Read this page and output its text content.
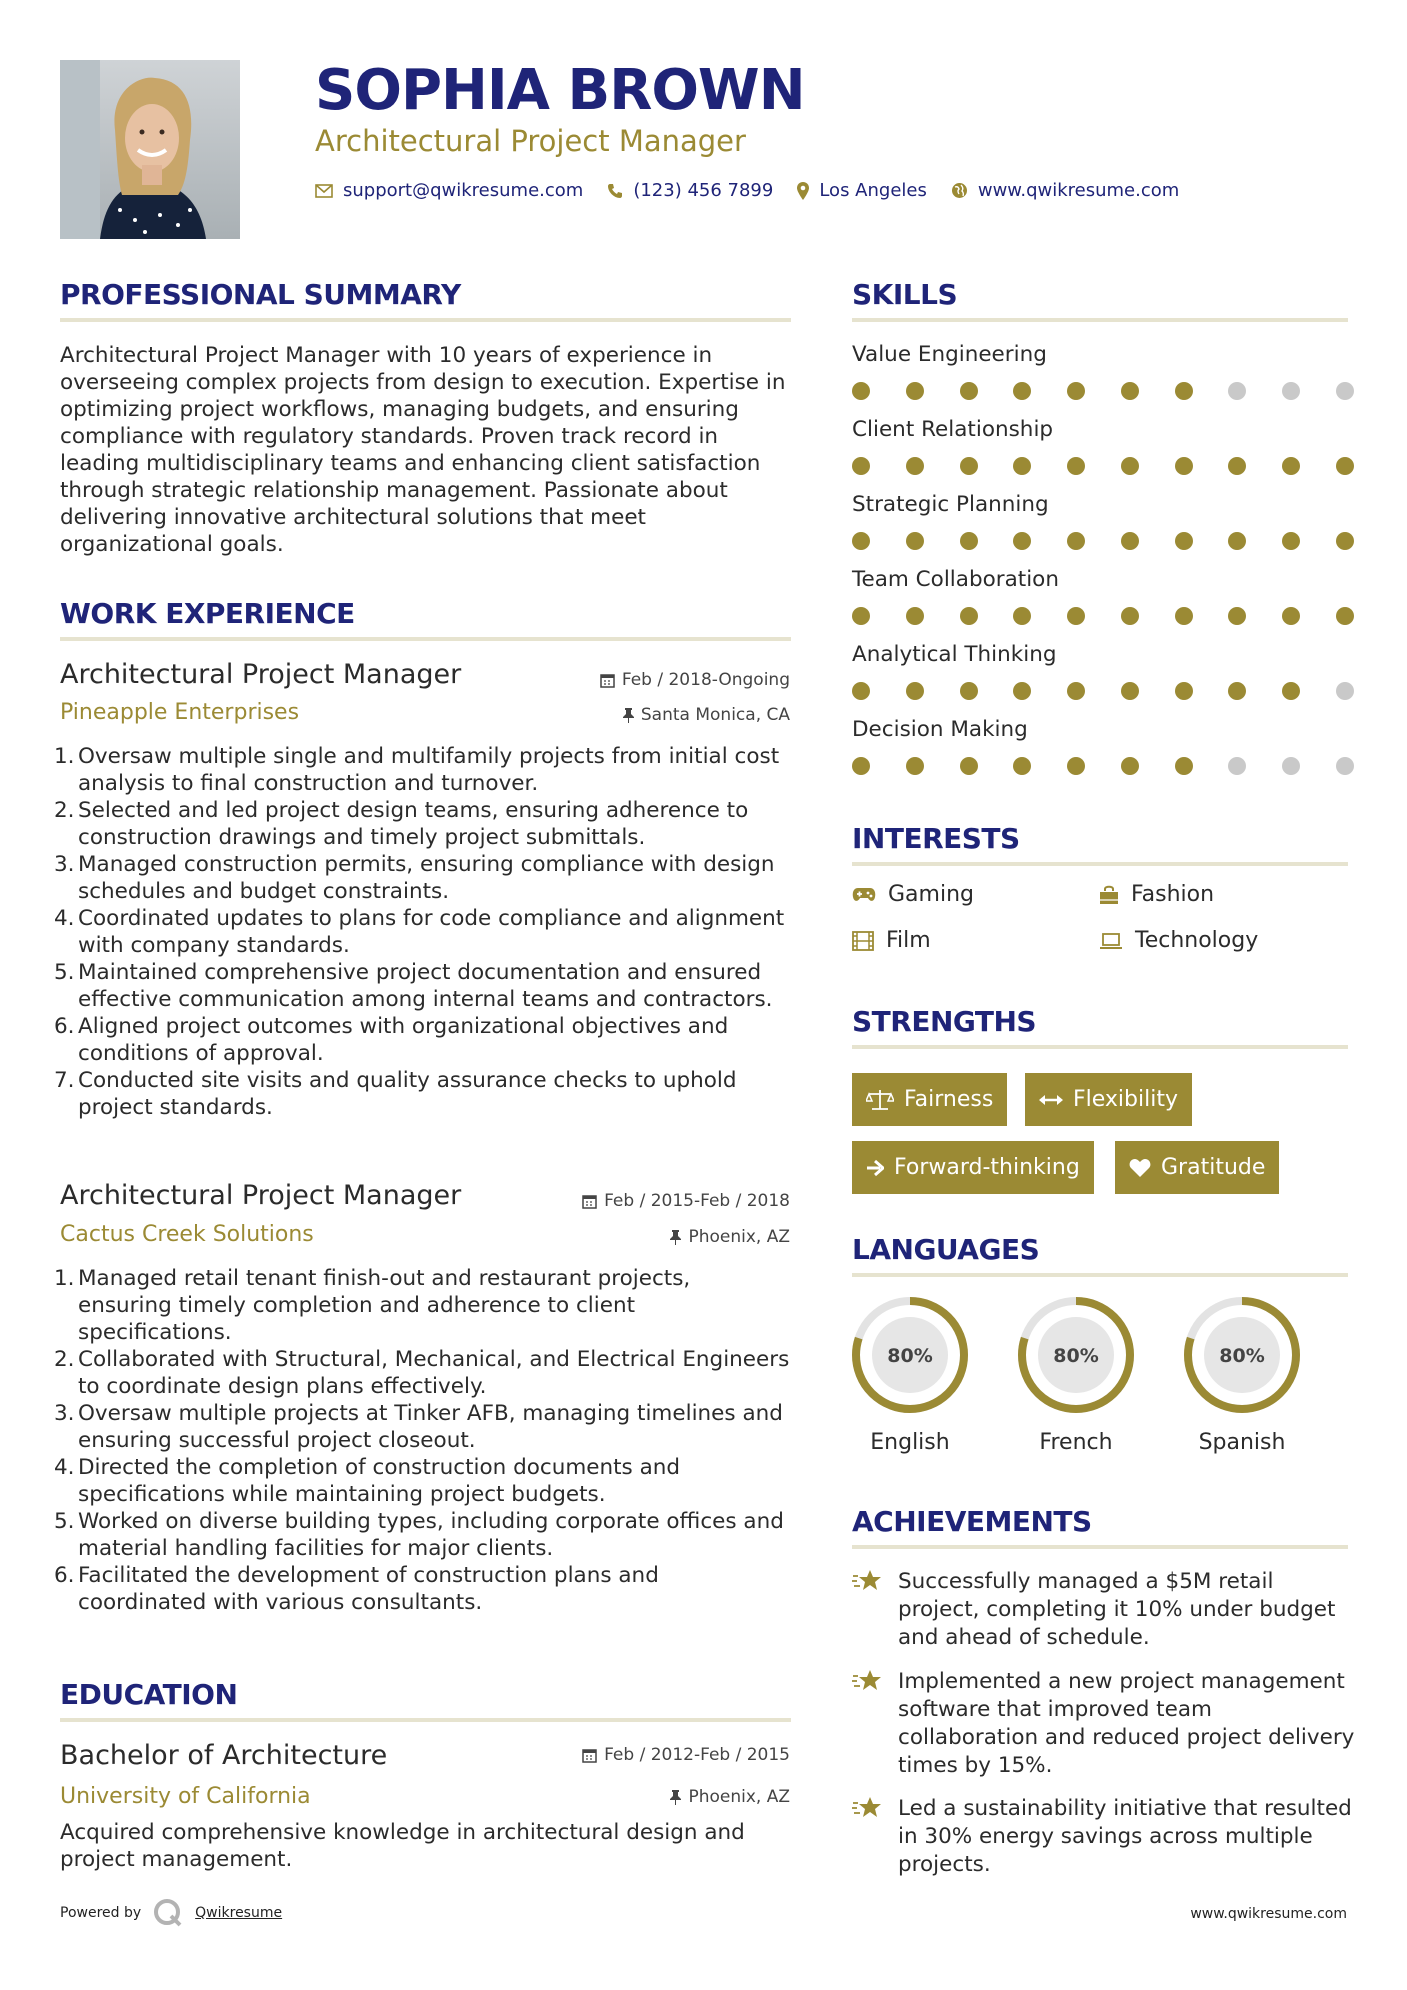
SOPHIA BROWN
Architectural Project Manager
support@qwikresume.com	(123) 456 7899	Los Angeles	www.qwikresume.com
PROFESSIONAL SUMMARY
Architectural Project Manager with 10 years of experience in overseeing complex projects from design to execution. Expertise in optimizing project workflows, managing budgets, and ensuring compliance with regulatory standards. Proven track record in leading multidisciplinary teams and enhancing client satisfaction through strategic relationship management. Passionate about delivering innovative architectural solutions that meet organizational goals.
WORK EXPERIENCE
Architectural Project Manager
Pineapple Enterprises
Feb / 2018-Ongoing
Santa Monica, CA
1. Oversaw multiple single and multifamily projects from initial cost analysis to final construction and turnover.
2. Selected and led project design teams, ensuring adherence to construction drawings and timely project submittals.
3. Managed construction permits, ensuring compliance with design schedules and budget constraints.
4. Coordinated updates to plans for code compliance and alignment with company standards.
5. Maintained comprehensive project documentation and ensured effective communication among internal teams and contractors.
6. Aligned project outcomes with organizational objectives and conditions of approval.
7. Conducted site visits and quality assurance checks to uphold project standards.
Architectural Project Manager
Cactus Creek Solutions
Feb / 2015-Feb / 2018
Phoenix, AZ
1. Managed retail tenant finish-out and restaurant projects, ensuring timely completion and adherence to client specifications.
2. Collaborated with Structural, Mechanical, and Electrical Engineers to coordinate design plans effectively.
3. Oversaw multiple projects at Tinker AFB, managing timelines and ensuring successful project closeout.
4. Directed the completion of construction documents and specifications while maintaining project budgets.
5. Worked on diverse building types, including corporate offices and material handling facilities for major clients.
6. Facilitated the development of construction plans and coordinated with various consultants.
EDUCATION
Bachelor of Architecture
University of California
Feb / 2012-Feb / 2015
Phoenix, AZ
Acquired comprehensive knowledge in architectural design and project management.
SKILLS
Value Engineering
Client Relationship
Strategic Planning
Team Collaboration
Analytical Thinking
Decision Making
INTERESTS
Gaming	Fashion
Film	Technology
STRENGTHS
Fairness	Flexibility
Forward-thinking	Gratitude
LANGUAGES
80%
English
80%
French
80%
Spanish
ACHIEVEMENTS
Successfully managed a $5M retail project, completing it 10% under budget and ahead of schedule.
Implemented a new project management software that improved team collaboration and reduced project delivery times by 15%.
Led a sustainability initiative that resulted in 30% energy savings across multiple projects.
Powered by	Qwikresume	www.qwikresume.com
